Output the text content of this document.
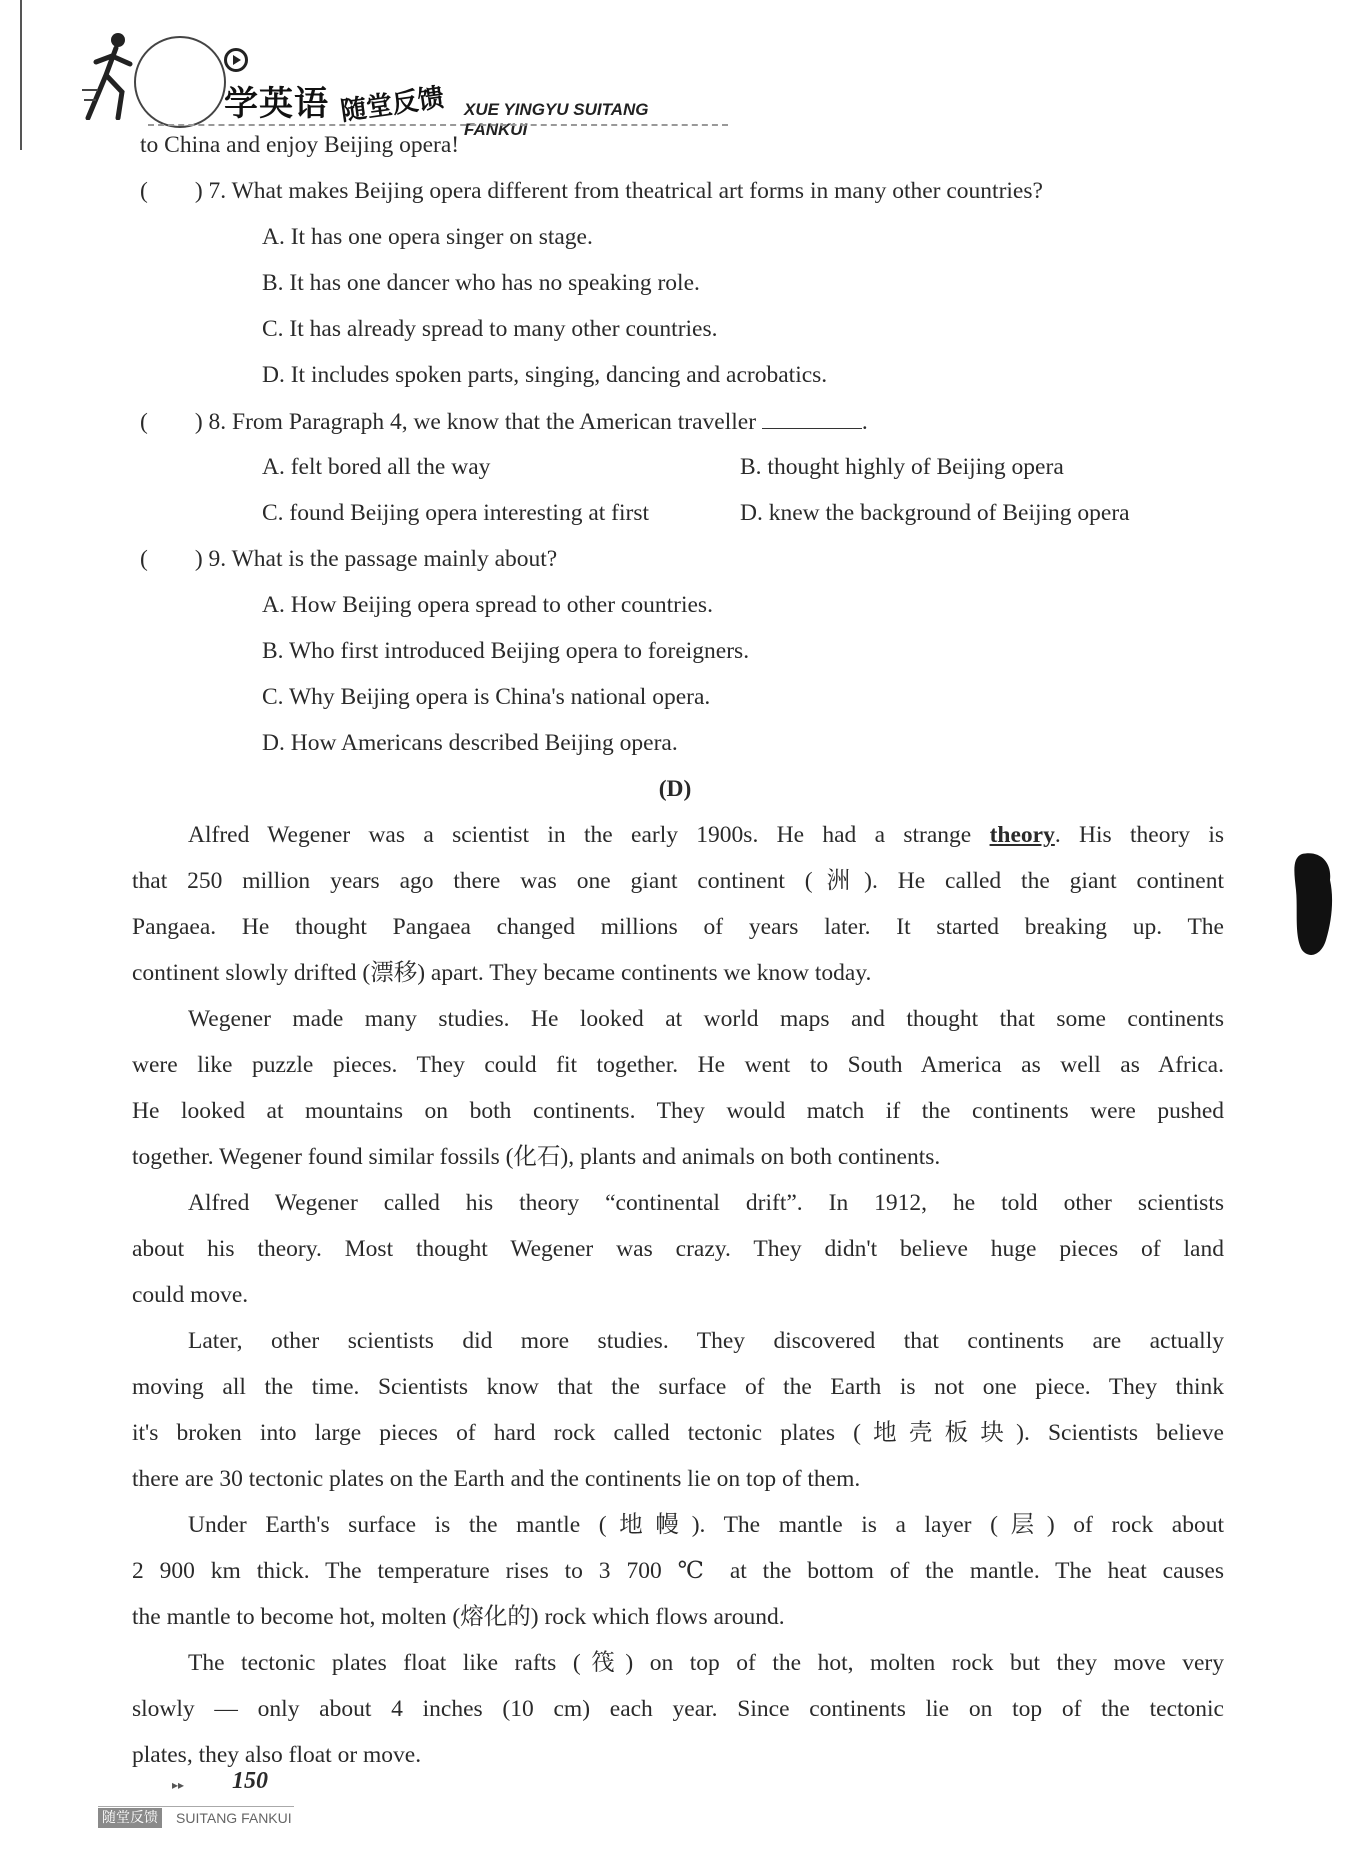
学英语 随堂反馈 XUE YINGYU SUITANG FANKUI
to China and enjoy Beijing opera!
(　　) 7. What makes Beijing opera different from theatrical art forms in many other countries?
A. It has one opera singer on stage.
B. It has one dancer who has no speaking role.
C. It has already spread to many other countries.
D. It includes spoken parts, singing, dancing and acrobatics.
(　　) 8. From Paragraph 4, we know that the American traveller	.
A. felt bored all the way	B. thought highly of Beijing opera
C. found Beijing opera interesting at first	D. knew the background of Beijing opera
(　　) 9. What is the passage mainly about?
A. How Beijing opera spread to other countries.
B. Who first introduced Beijing opera to foreigners.
C. Why Beijing opera is China's national opera.
D. How Americans described Beijing opera.
(D)
Alfred Wegener was a scientist in the early 1900s. He had a strange theory. His theory is
that 250 million years ago there was one giant continent (洲). He called the giant continent
Pangaea. He thought Pangaea changed millions of years later. It started breaking up. The
continent slowly drifted (漂移) apart. They became continents we know today.
Wegener made many studies. He looked at world maps and thought that some continents
were like puzzle pieces. They could fit together. He went to South America as well as Africa.
He looked at mountains on both continents. They would match if the continents were pushed
together. Wegener found similar fossils (化石), plants and animals on both continents.
Alfred Wegener called his theory “continental drift”. In 1912, he told other scientists
about his theory. Most thought Wegener was crazy. They didn't believe huge pieces of land
could move.
Later, other scientists did more studies. They discovered that continents are actually
moving all the time. Scientists know that the surface of the Earth is not one piece. They think
it's broken into large pieces of hard rock called tectonic plates (地壳板块). Scientists believe
there are 30 tectonic plates on the Earth and the continents lie on top of them.
Under Earth's surface is the mantle (地幔). The mantle is a layer (层) of rock about
2 900 km thick. The temperature rises to 3 700 ℃ at the bottom of the mantle. The heat causes
the mantle to become hot, molten (熔化的) rock which flows around.
The tectonic plates float like rafts (筏) on top of the hot, molten rock but they move very
slowly — only about 4 inches (10 cm) each year. Since continents lie on top of the tectonic
plates, they also float or move.
▸▸ 150
随堂反馈 SUITANG FANKUI
